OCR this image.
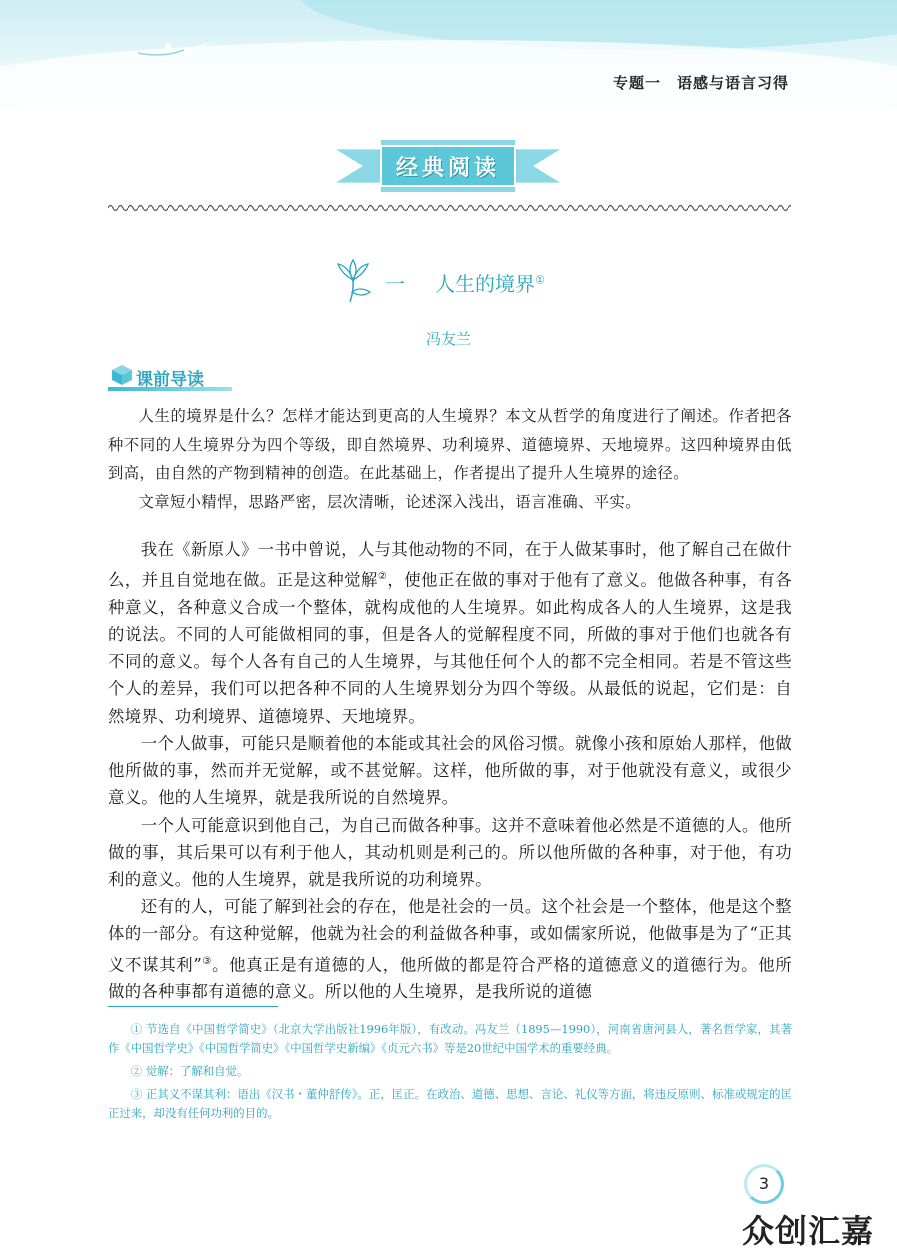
专题一　语感与语言习得
经典阅读
一 人生的境界①
冯友兰
课前导读

人生的境界是什么？怎样才能达到更高的人生境界？本文从哲学的角度进行了阐述。作者把各种不同的人生境界分为四个等级，即自然境界、功利境界、道德境界、天地境界。这四种境界由低到高，由自然的产物到精神的创造。在此基础上，作者提出了提升人生境界的途径。

文章短小精悍，思路严密，层次清晰，论述深入浅出，语言准确、平实。

我在《新原人》一书中曾说，人与其他动物的不同，在于人做某事时，他了解自己在做什么，并且自觉地在做。正是这种觉解②，使他正在做的事对于他有了意义。他做各种事，有各种意义，各种意义合成一个整体，就构成他的人生境界。如此构成各人的人生境界，这是我的说法。不同的人可能做相同的事，但是各人的觉解程度不同，所做的事对于他们也就各有不同的意义。每个人各有自己的人生境界，与其他任何个人的都不完全相同。若是不管这些个人的差异，我们可以把各种不同的人生境界划分为四个等级。从最低的说起，它们是：自然境界、功利境界、道德境界、天地境界。

一个人做事，可能只是顺着他的本能或其社会的风俗习惯。就像小孩和原始人那样，他做他所做的事，然而并无觉解，或不甚觉解。这样，他所做的事，对于他就没有意义，或很少意义。他的人生境界，就是我所说的自然境界。

一个人可能意识到他自己，为自己而做各种事。这并不意味着他必然是不道德的人。他所做的事，其后果可以有利于他人，其动机则是利己的。所以他所做的各种事，对于他，有功利的意义。他的人生境界，就是我所说的功利境界。

还有的人，可能了解到社会的存在，他是社会的一员。这个社会是一个整体，他是这个整体的一部分。有这种觉解，他就为社会的利益做各种事，或如儒家所说，他做事是为了“正其义不谋其利”③。他真正是有道德的人，他所做的都是符合严格的道德意义的道德行为。他所做的各种事都有道德的意义。所以他的人生境界，是我所说的道德

① 节选自《中国哲学简史》（北京大学出版社1996年版），有改动。冯友兰（1895—1990），河南省唐河县人，著名哲学家，其著作《中国哲学史》《中国哲学简史》《中国哲学史新编》《贞元六书》等是20世纪中国学术的重要经典。

② 觉解：了解和自觉。

③ 正其义不谋其利：语出《汉书・董仲舒传》。正，匡正。在政治、道德、思想、言论、礼仪等方面，将违反原则、标准或规定的匡正过来，却没有任何功利的目的。

3
众创汇嘉
